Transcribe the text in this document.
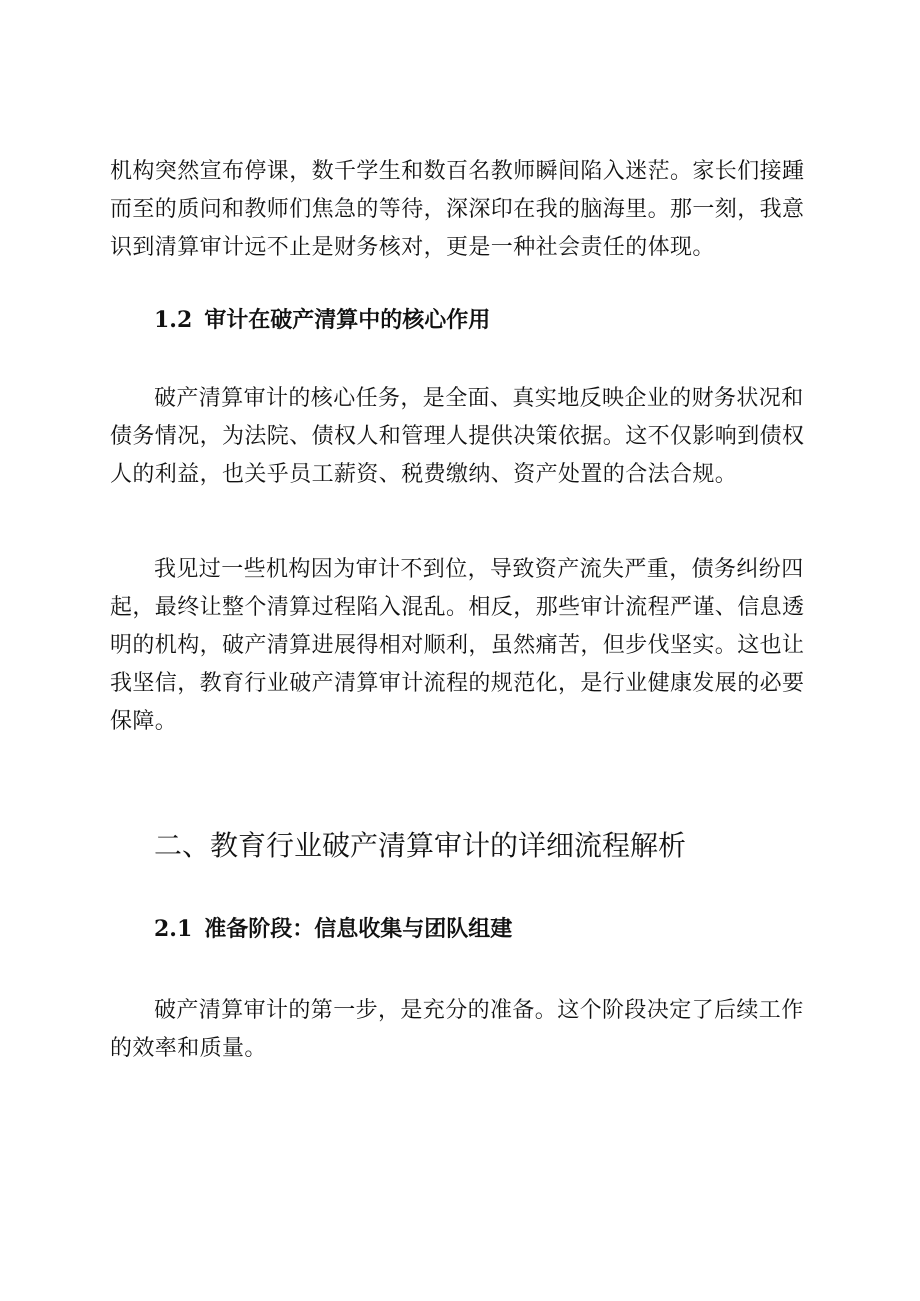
机构突然宣布停课，数千学生和数百名教师瞬间陷入迷茫。家长们接踵而至的质问和教师们焦急的等待，深深印在我的脑海里。那一刻，我意识到清算审计远不止是财务核对，更是一种社会责任的体现。

1.2 审计在破产清算中的核心作用

破产清算审计的核心任务，是全面、真实地反映企业的财务状况和债务情况，为法院、债权人和管理人提供决策依据。这不仅影响到债权人的利益，也关乎员工薪资、税费缴纳、资产处置的合法合规。

我见过一些机构因为审计不到位，导致资产流失严重，债务纠纷四起，最终让整个清算过程陷入混乱。相反，那些审计流程严谨、信息透明的机构，破产清算进展得相对顺利，虽然痛苦，但步伐坚实。这也让我坚信，教育行业破产清算审计流程的规范化，是行业健康发展的必要保障。

二、教育行业破产清算审计的详细流程解析
2.1 准备阶段：信息收集与团队组建

破产清算审计的第一步，是充分的准备。这个阶段决定了后续工作的效率和质量。
